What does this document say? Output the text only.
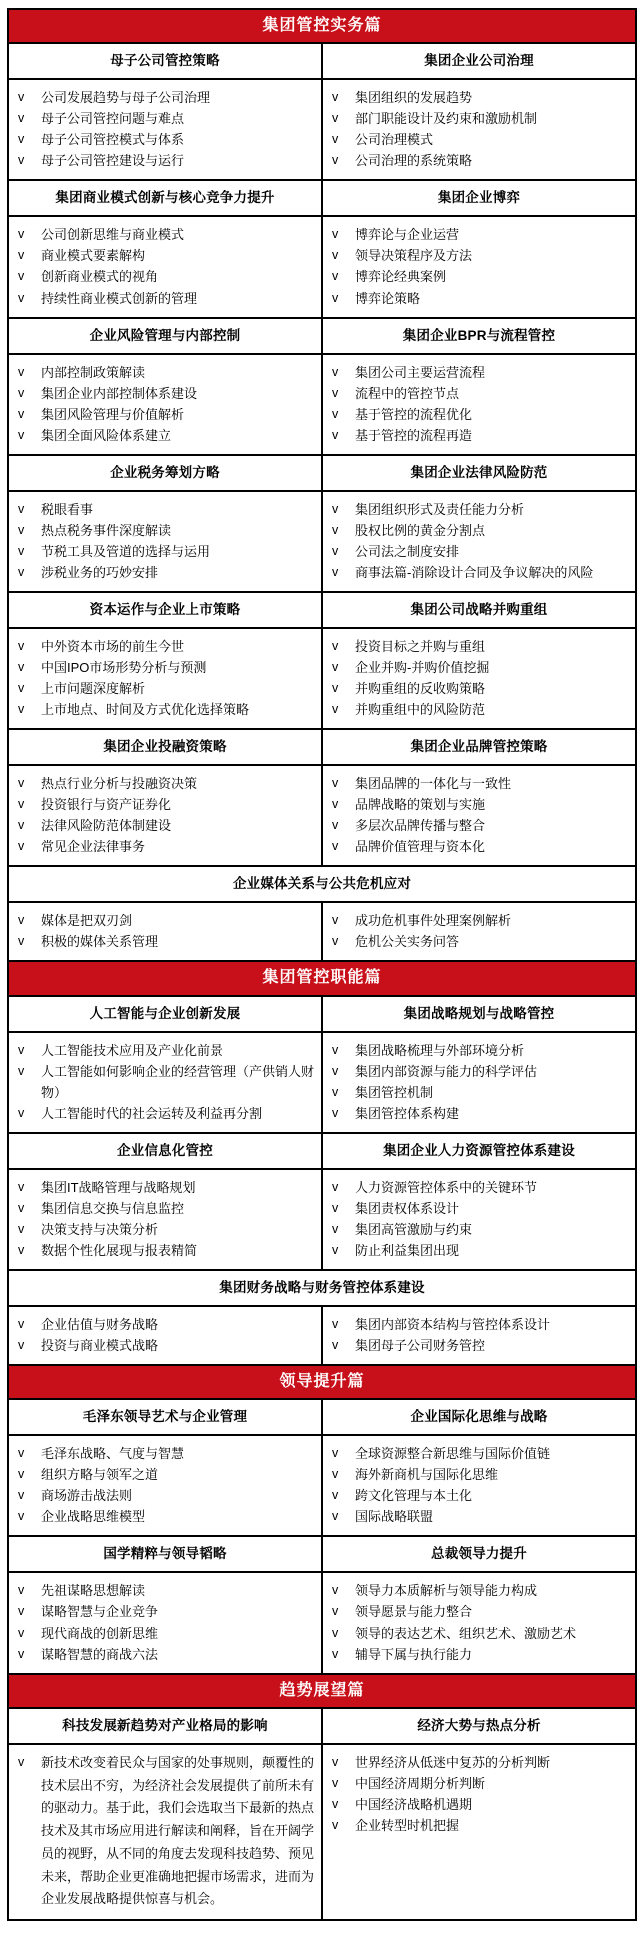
集团管控实务篇	
母子公司管控策略	集团企业公司治理

v	公司发展趋势与母子公司治理
v	母子公司管控问题与难点
v	母子公司管控模式与体系
v	母子公司管控建设与运行

v	集团组织的发展趋势
v	部门职能设计及约束和激励机制
v	公司治理模式
v	公司治理的系统策略

集团商业模式创新与核心竞争力提升	集团企业博弈

v	公司创新思维与商业模式
v	商业模式要素解构
v	创新商业模式的视角
v	持续性商业模式创新的管理

v	博弈论与企业运营
v	领导决策程序及方法
v	博弈论经典案例
v	博弈论策略

企业风险管理与内部控制	集团企业BPR与流程管控

v	内部控制政策解读
v	集团企业内部控制体系建设
v	集团风险管理与价值解析
v	集团全面风险体系建立

v	集团公司主要运营流程
v	流程中的管控节点
v	基于管控的流程优化
v	基于管控的流程再造

企业税务筹划方略	集团企业法律风险防范

v	税眼看事
v	热点税务事件深度解读
v	节税工具及管道的选择与运用
v	涉税业务的巧妙安排

v	集团组织形式及责任能力分析
v	股权比例的黄金分割点
v	公司法之制度安排
v	商事法篇-消除设计合同及争议解决的风险

资本运作与企业上市策略	集团公司战略并购重组

v	中外资本市场的前生今世
v	中国IPO市场形势分析与预测
v	上市问题深度解析
v	上市地点、时间及方式优化选择策略

v	投资目标之并购与重组
v	企业并购-并购价值挖掘
v	并购重组的反收购策略
v	并购重组中的风险防范

集团企业投融资策略	集团企业品牌管控策略

v	热点行业分析与投融资决策
v	投资银行与资产证券化
v	法律风险防范体制建设
v	常见企业法律事务

v	集团品牌的一体化与一致性
v	品牌战略的策划与实施
v	多层次品牌传播与整合
v	品牌价值管理与资本化

企业媒体关系与公共危机应对	

v	媒体是把双刃剑
v	积极的媒体关系管理

v	成功危机事件处理案例解析
v	危机公关实务问答

集团管控职能篇	
人工智能与企业创新发展	集团战略规划与战略管控

v	人工智能技术应用及产业化前景
v	人工智能如何影响企业的经营管理（产供销人财物）
v	人工智能时代的社会运转及利益再分割

v	集团战略梳理与外部环境分析
v	集团内部资源与能力的科学评估
v	集团管控机制
v	集团管控体系构建

企业信息化管控	集团企业人力资源管控体系建设

v	集团IT战略管理与战略规划
v	集团信息交换与信息监控
v	决策支持与决策分析
v	数据个性化展现与报表精简

v	人力资源管控体系中的关键环节
v	集团责权体系设计
v	集团高管激励与约束
v	防止利益集团出现

集团财务战略与财务管控体系建设	

v	企业估值与财务战略
v	投资与商业模式战略

v	集团内部资本结构与管控体系设计
v	集团母子公司财务管控

领导提升篇	
毛泽东领导艺术与企业管理	企业国际化思维与战略

v	毛泽东战略、气度与智慧
v	组织方略与领军之道
v	商场游击战法则
v	企业战略思维模型

v	全球资源整合新思维与国际价值链
v	海外新商机与国际化思维
v	跨文化管理与本土化
v	国际战略联盟

国学精粹与领导韬略	总裁领导力提升

v	先祖谋略思想解读
v	谋略智慧与企业竞争
v	现代商战的创新思维
v	谋略智慧的商战六法

v	领导力本质解析与领导能力构成
v	领导愿景与能力整合
v	领导的表达艺术、组织艺术、激励艺术
v	辅导下属与执行能力

趋势展望篇	
科技发展新趋势对产业格局的影响	经济大势与热点分析

v	新技术改变着民众与国家的处事规则，颠覆性的技术层出不穷，为经济社会发展提供了前所未有的驱动力。基于此，我们会选取当下最新的热点技术及其市场应用进行解读和阐释，旨在开阔学员的视野，从不同的角度去发现科技趋势、预见未来，帮助企业更准确地把握市场需求，进而为企业发展战略提供惊喜与机会。

v	世界经济从低迷中复苏的分析判断
v	中国经济周期分析判断
v	中国经济战略机遇期
v	企业转型时机把握
